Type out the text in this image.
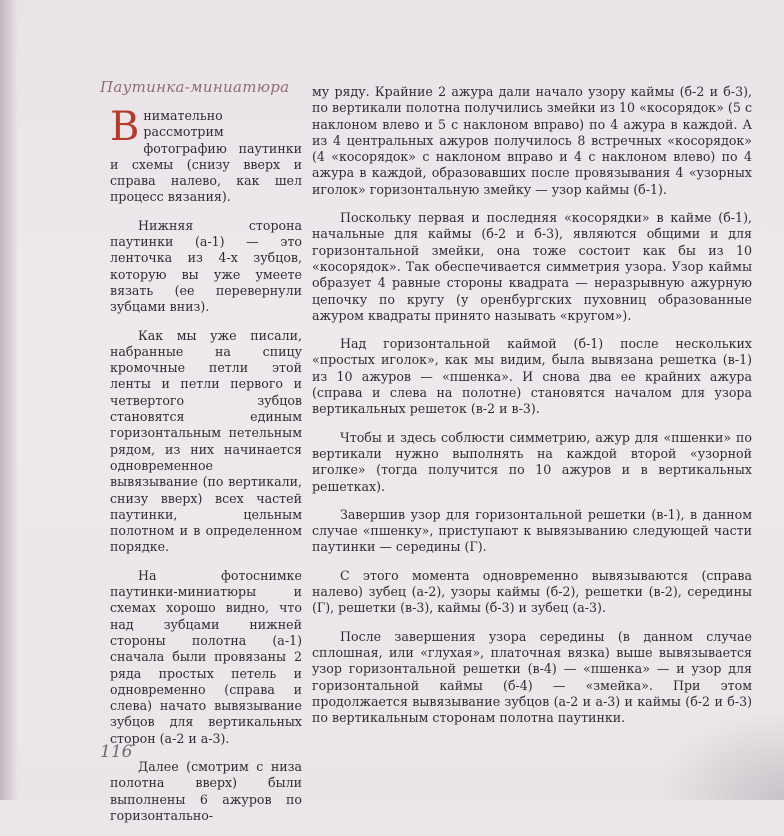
Паутинка-миниатюра

Внимательно рассмотрим фотографию паутинки и схемы (снизу вверх и справа налево, как шел процесс вязания).

Нижняя сторона паутинки (а-1) — это ленточка из 4-х зубцов, которую вы уже умеете вязать (ее перевернули зубцами вниз).

Как мы уже писали, набранные на спицу кромочные петли этой ленты и петли первого и четвертого зубцов становятся единым горизонтальным петельным рядом, из них начинается одновременное вывязывание (по вертикали, снизу вверх) всех частей паутинки, цельным полотном и в определенном порядке.

На фотоснимке паутинки-миниатюры и схемах хорошо видно, что над зубцами нижней стороны полотна (а-1) сначала были провязаны 2 ряда простых петель и одновременно (справа и слева) начато вывязывание зубцов для вертикальных сторон (а-2 и а-3).

Далее (смотрим с низа полотна вверх) были выполнены 6 ажуров по горизонтально-

му ряду. Крайние 2 ажура дали начало узору каймы (б-2 и б-3), по вертикали полотна получились змейки из 10 «косорядок» (5 с наклоном влево и 5 с наклоном вправо) по 4 ажура в каждой. А из 4 центральных ажуров получилось 8 встречных «косорядок» (4 «косорядок» с наклоном вправо и 4 с наклоном влево) по 4 ажура в каждой, образовавших после провязывания 4 «узорных иголок» горизонтальную змейку — узор каймы (б-1).

Поскольку первая и последняя «косорядки» в кайме (б-1), начальные для каймы (б-2 и б-3), являются общими и для горизонтальной змейки, она тоже состоит как бы из 10 «косорядок». Так обеспечивается симметрия узора. Узор каймы образует 4 равные стороны квадрата — неразрывную ажурную цепочку по кругу (у оренбургских пуховниц образованные ажуром квадраты принято называть «кругом»).

Над горизонтальной каймой (б-1) после нескольких «простых иголок», как мы видим, была вывязана решетка (в-1) из 10 ажуров — «пшенка». И снова два ее крайних ажура (справа и слева на полотне) становятся началом для узора вертикальных решеток (в-2 и в-3).

Чтобы и здесь соблюсти симметрию, ажур для «пшенки» по вертикали нужно выполнять на каждой второй «узорной иголке» (тогда получится по 10 ажуров и в вертикальных решетках).

Завершив узор для горизонтальной решетки (в-1), в данном случае «пшенку», приступают к вывязыванию следующей части паутинки — середины (Г).

С этого момента одновременно вывязываются (справа налево) зубец (а-2), узоры каймы (б-2), решетки (в-2), середины (Г), решетки (в-3), каймы (б-3) и зубец (а-3).

После завершения узора середины (в данном случае сплошная, или «глухая», платочная вязка) выше вывязывается узор горизонтальной решетки (в-4) — «пшенка» — и узор для горизонтальной каймы (б-4) — «змейка». При этом продолжается вывязывание зубцов (а-2 и а-3) и каймы (б-2 и б-3) по вертикальным сторонам полотна паутинки.

116
